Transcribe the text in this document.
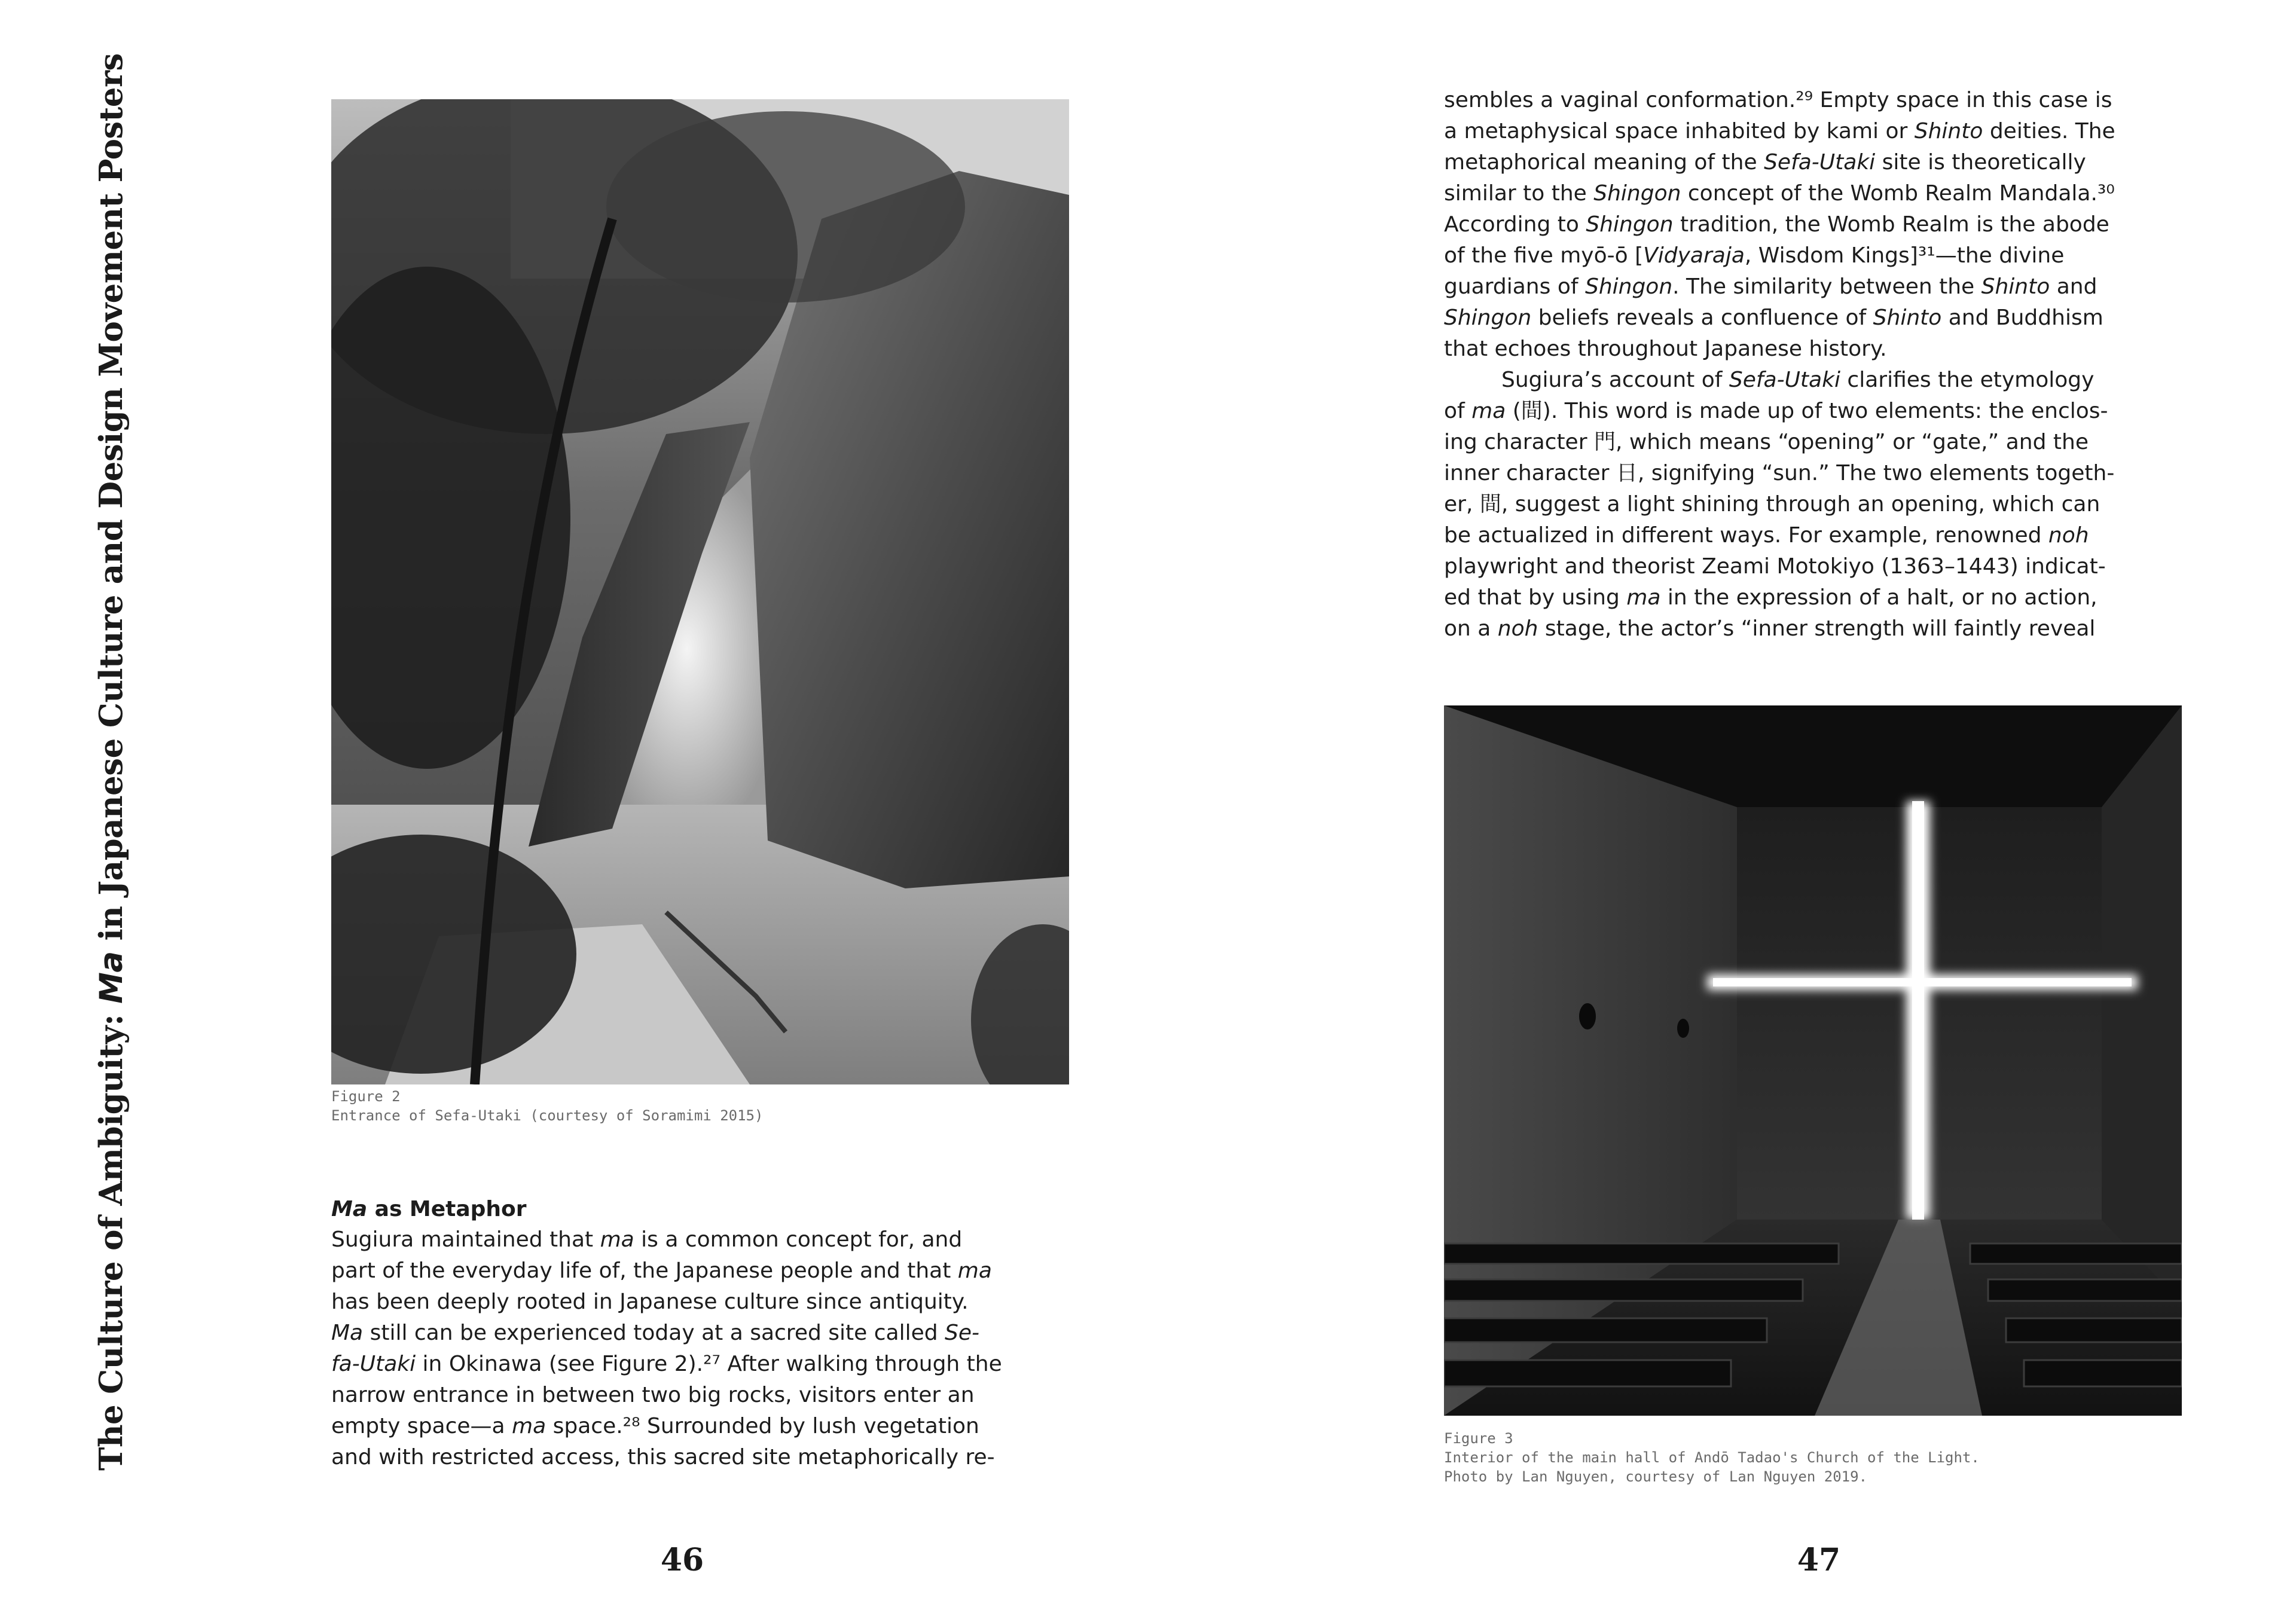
The Culture of Ambiguity: Ma in Japanese Culture and Design Movement Posters
Figure 2
Entrance of Sefa-Utaki (courtesy of Soramimi 2015)
Ma as Metaphor
Sugiura maintained that ma is a common concept for, and
part of the everyday life of, the Japanese people and that ma
has been deeply rooted in Japanese culture since antiquity.
Ma still can be experienced today at a sacred site called Se-
fa-Utaki in Okinawa (see Figure 2).²⁷ After walking through the
narrow entrance in between two big rocks, visitors enter an
empty space—a ma space.²⁸ Surrounded by lush vegetation
and with restricted access, this sacred site metaphorically re-
46
sembles a vaginal conformation.²⁹ Empty space in this case is
a metaphysical space inhabited by kami or Shinto deities. The
metaphorical meaning of the Sefa-Utaki site is theoretically
similar to the Shingon concept of the Womb Realm Mandala.³⁰
According to Shingon tradition, the Womb Realm is the abode
of the five myō-ō [Vidyaraja, Wisdom Kings]³¹—the divine
guardians of Shingon. The similarity between the Shinto and
Shingon beliefs reveals a confluence of Shinto and Buddhism
that echoes throughout Japanese history.
Sugiura’s account of Sefa-Utaki clarifies the etymology
of ma (間). This word is made up of two elements: the enclos-
ing character 門, which means “opening” or “gate,” and the
inner character 日, signifying “sun.” The two elements togeth-
er, 間, suggest a light shining through an opening, which can
be actualized in different ways. For example, renowned noh
playwright and theorist Zeami Motokiyo (1363–1443) indicat-
ed that by using ma in the expression of a halt, or no action,
on a noh stage, the actor’s “inner strength will faintly reveal
Figure 3
Interior of the main hall of Andō Tadao's Church of the Light.
Photo by Lan Nguyen, courtesy of Lan Nguyen 2019.
47
